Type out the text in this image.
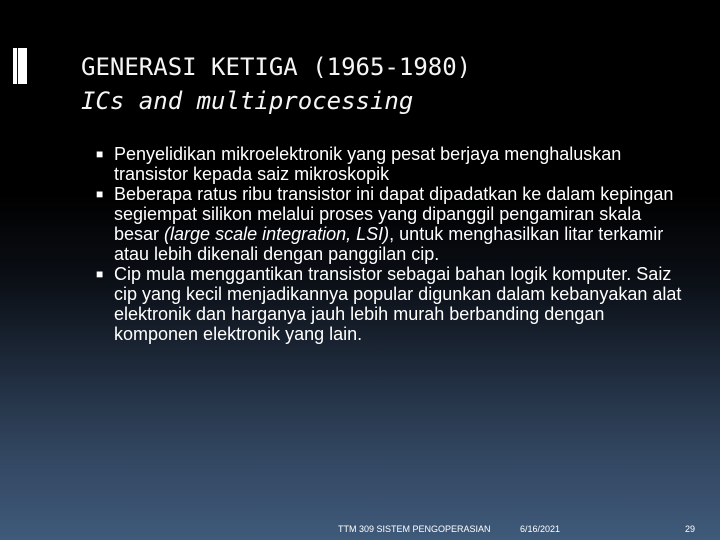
GENERASI KETIGA (1965-1980)
ICs and multiprocessing
■ Penyelidikan mikroelektronik yang pesat berjaya menghaluskan transistor kepada saiz mikroskopik
■ Beberapa ratus ribu transistor ini dapat dipadatkan ke dalam kepingan segiempat silikon melalui proses yang dipanggil pengamiran skala besar (large scale integration, LSI), untuk menghasilkan litar terkamir atau lebih dikenali dengan panggilan cip.
■ Cip mula menggantikan transistor sebagai bahan logik komputer. Saiz cip yang kecil menjadikannya popular digunkan dalam kebanyakan alat elektronik dan harganya jauh lebih murah berbanding dengan komponen elektronik yang lain.
TTM 309 SISTEM PENGOPERASIAN	6/16/2021	29
